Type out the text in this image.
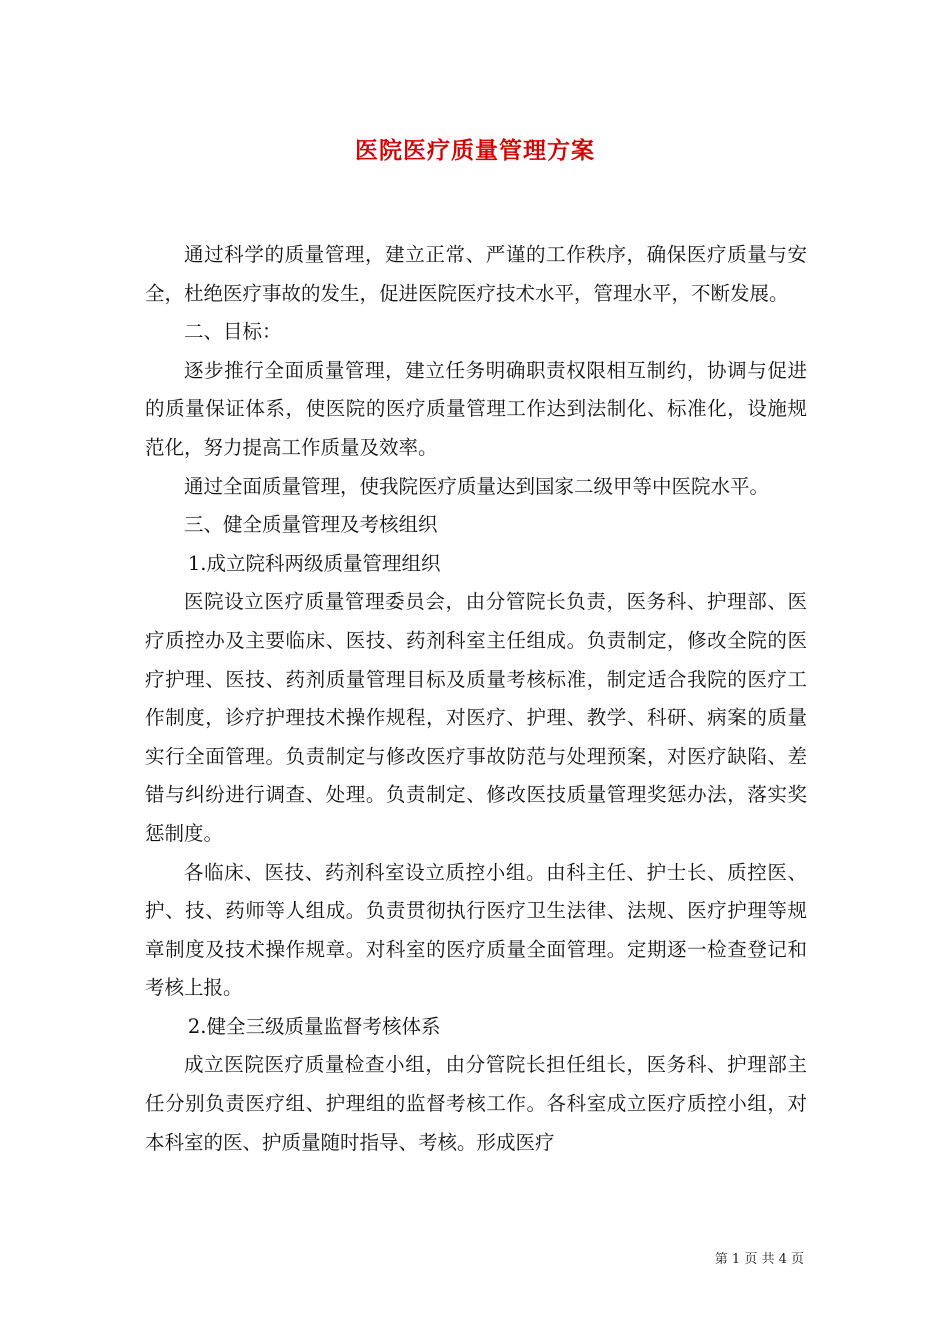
医院医疗质量管理方案

通过科学的质量管理，建立正常、严谨的工作秩序，确保医疗质量与安全，杜绝医疗事故的发生，促进医院医疗技术水平，管理水平，不断发展。

二、目标：

逐步推行全面质量管理，建立任务明确职责权限相互制约，协调与促进的质量保证体系，使医院的医疗质量管理工作达到法制化、标准化，设施规范化，努力提高工作质量及效率。

通过全面质量管理，使我院医疗质量达到国家二级甲等中医院水平。

三、健全质量管理及考核组织

1.成立院科两级质量管理组织

医院设立医疗质量管理委员会，由分管院长负责，医务科、护理部、医疗质控办及主要临床、医技、药剂科室主任组成。负责制定，修改全院的医疗护理、医技、药剂质量管理目标及质量考核标准，制定适合我院的医疗工作制度，诊疗护理技术操作规程，对医疗、护理、教学、科研、病案的质量实行全面管理。负责制定与修改医疗事故防范与处理预案，对医疗缺陷、差错与纠纷进行调查、处理。负责制定、修改医技质量管理奖惩办法，落实奖惩制度。

各临床、医技、药剂科室设立质控小组。由科主任、护士长、质控医、护、技、药师等人组成。负责贯彻执行医疗卫生法律、法规、医疗护理等规章制度及技术操作规章。对科室的医疗质量全面管理。定期逐一检查登记和考核上报。

2.健全三级质量监督考核体系

成立医院医疗质量检查小组，由分管院长担任组长，医务科、护理部主任分别负责医疗组、护理组的监督考核工作。各科室成立医疗质控小组，对本科室的医、护质量随时指导、考核。形成医疗

第 1 页 共 4 页
